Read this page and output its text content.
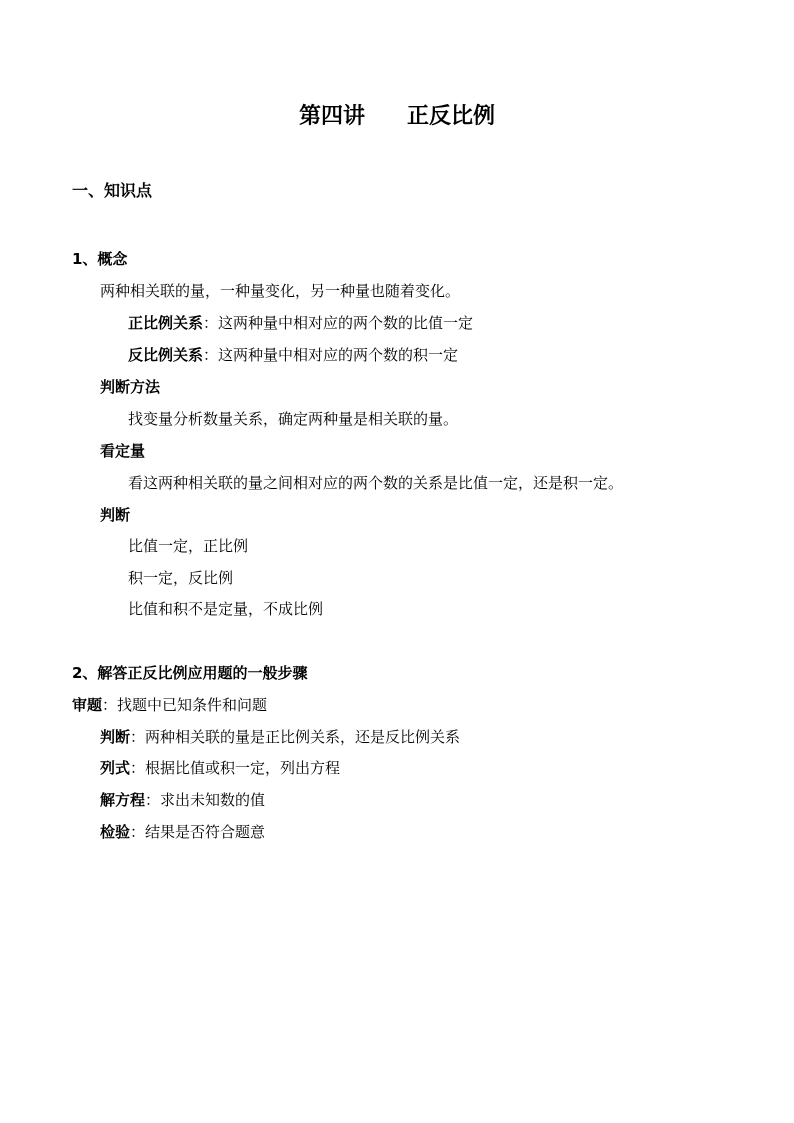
第四讲 正反比例
一、知识点
1、概念
两种相关联的量，一种量变化，另一种量也随着变化。
正比例关系：这两种量中相对应的两个数的比值一定
反比例关系：这两种量中相对应的两个数的积一定
判断方法
找变量分析数量关系，确定两种量是相关联的量。
看定量
看这两种相关联的量之间相对应的两个数的关系是比值一定，还是积一定。
判断
比值一定，正比例
积一定，反比例
比值和积不是定量，不成比例
2、解答正反比例应用题的一般步骤
审题：找题中已知条件和问题
判断：两种相关联的量是正比例关系，还是反比例关系
列式：根据比值或积一定，列出方程
解方程：求出未知数的值
检验：结果是否符合题意
